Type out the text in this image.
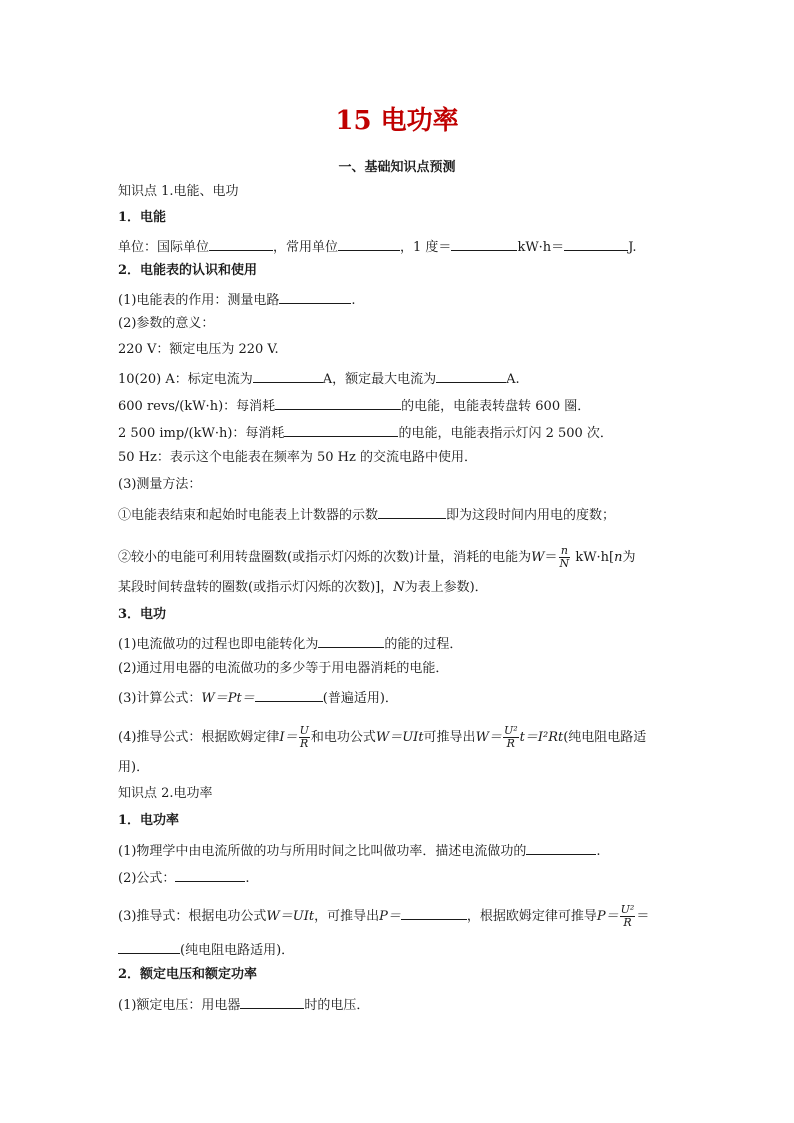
15 电功率
一、基础知识点预测
知识点 1.电能、电功
1．电能
单位：国际单位	，常用单位	，1 度＝	kW·h＝	J.
2．电能表的认识和使用
(1)电能表的作用：测量电路	.
(2)参数的意义：
220 V：额定电压为 220 V.
10(20) A：标定电流为	A，额定最大电流为	A.
600 revs/(kW·h)：每消耗	的电能，电能表转盘转 600 圈．
2 500 imp/(kW·h)：每消耗	的电能，电能表指示灯闪 2 500 次．
50 Hz：表示这个电能表在频率为 50 Hz 的交流电路中使用．
(3)测量方法：
①电能表结束和起始时电能表上计数器的示数	即为这段时间内用电的度数；
②较小的电能可利用转盘圈数(或指示灯闪烁的次数)计量，消耗的电能为$W= \frac{n}{N} kW\cdot h[n$为
某段时间转盘转的圈数(或指示灯闪烁的次数)]，N为表上参数)．
3．电功
(1)电流做功的过程也即电能转化为	的能的过程．
(2)通过用电器的电流做功的多少等于用电器消耗的电能．
(3)计算公式：W＝Pt＝	(普遍适用)．
(4)推导公式：根据欧姆定律$I= \frac{U}{R}$ 和电功公式W＝UIt可推导出$W= \frac{\text{U²}}{R} t=I^2Rt$(纯电阻电路适
用)．
知识点 2.电功率
1．电功率
(1)物理学中由电流所做的功与所用时间之比叫做功率．描述电流做功的	.
(2)公式：	.
(3)推导式：根据电功公式W＝UIt，可推导出P＝	，根据欧姆定律可推导$P= \frac{\text{U²}}{R}$ ＝
(纯电阻电路适用)．
2．额定电压和额定功率
(1)额定电压：用电器	时的电压．
